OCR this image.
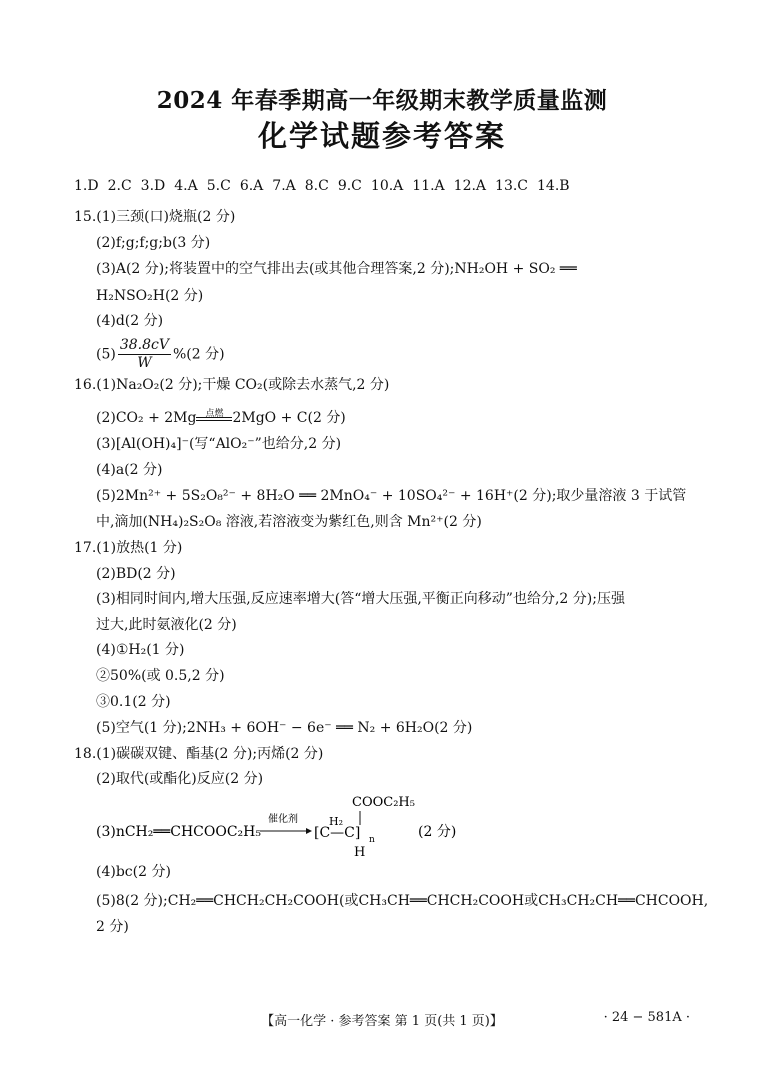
2024 年春季期高一年级期末教学质量监测
化学试题参考答案
1.D 2.C 3.D 4.A 5.C 6.A 7.A 8.C 9.C 10.A 11.A 12.A 13.C 14.B
15.(1)三颈(口)烧瓶(2 分)
(2)f;g;f;g;b(3 分)
(3)A(2 分);将装置中的空气排出去(或其他合理答案,2 分);NH₂OH + SO₂ ══
H₂NSO₂H(2 分)
(4)d(2 分)
$(5) \frac{38.8cV}{W} \%(2$ 分)
16.(1)Na₂O₂(2 分);干燥 CO₂(或除去水蒸气,2 分)
(2)CO₂ + 2Mg 点燃 2MgO + C(2 分)
(3)[Al(OH)₄]⁻(写“AlO₂⁻”也给分,2 分)
(4)a(2 分)
(5)2Mn²⁺ + 5S₂O₈²⁻ + 8H₂O ══ 2MnO₄⁻ + 10SO₄²⁻ + 16H⁺(2 分);取少量溶液 3 于试管
中,滴加(NH₄)₂S₂O₈ 溶液,若溶液变为紫红色,则含 Mn²⁺(2 分)
17.(1)放热(1 分)
(2)BD(2 分)
(3)相同时间内,增大压强,反应速率增大(答“增大压强,平衡正向移动”也给分,2 分);压强
过大,此时氨液化(2 分)
(4)①H₂(1 分)
②50%(或 0.5,2 分)
③0.1(2 分)
(5)空气(1 分);2NH₃ + 6OH⁻ − 6e⁻ ══ N₂ + 6H₂O(2 分)
18.(1)碳碳双键、酯基(2 分);丙烯(2 分)
(2)取代(或酯化)反应(2 分)
(3)nCH₂══CHCOOC₂H₅
催化剂
COOC₂H₅
H₂
[C—C] n
H
(2 分)
(4)bc(2 分)
(5)8(2 分);CH₂══CHCH₂CH₂COOH(或CH₃CH══CHCH₂COOH或CH₃CH₂CH══CHCOOH,
2 分)
【高一化学 · 参考答案 第 1 页(共 1 页)】	· 24 − 581A ·
